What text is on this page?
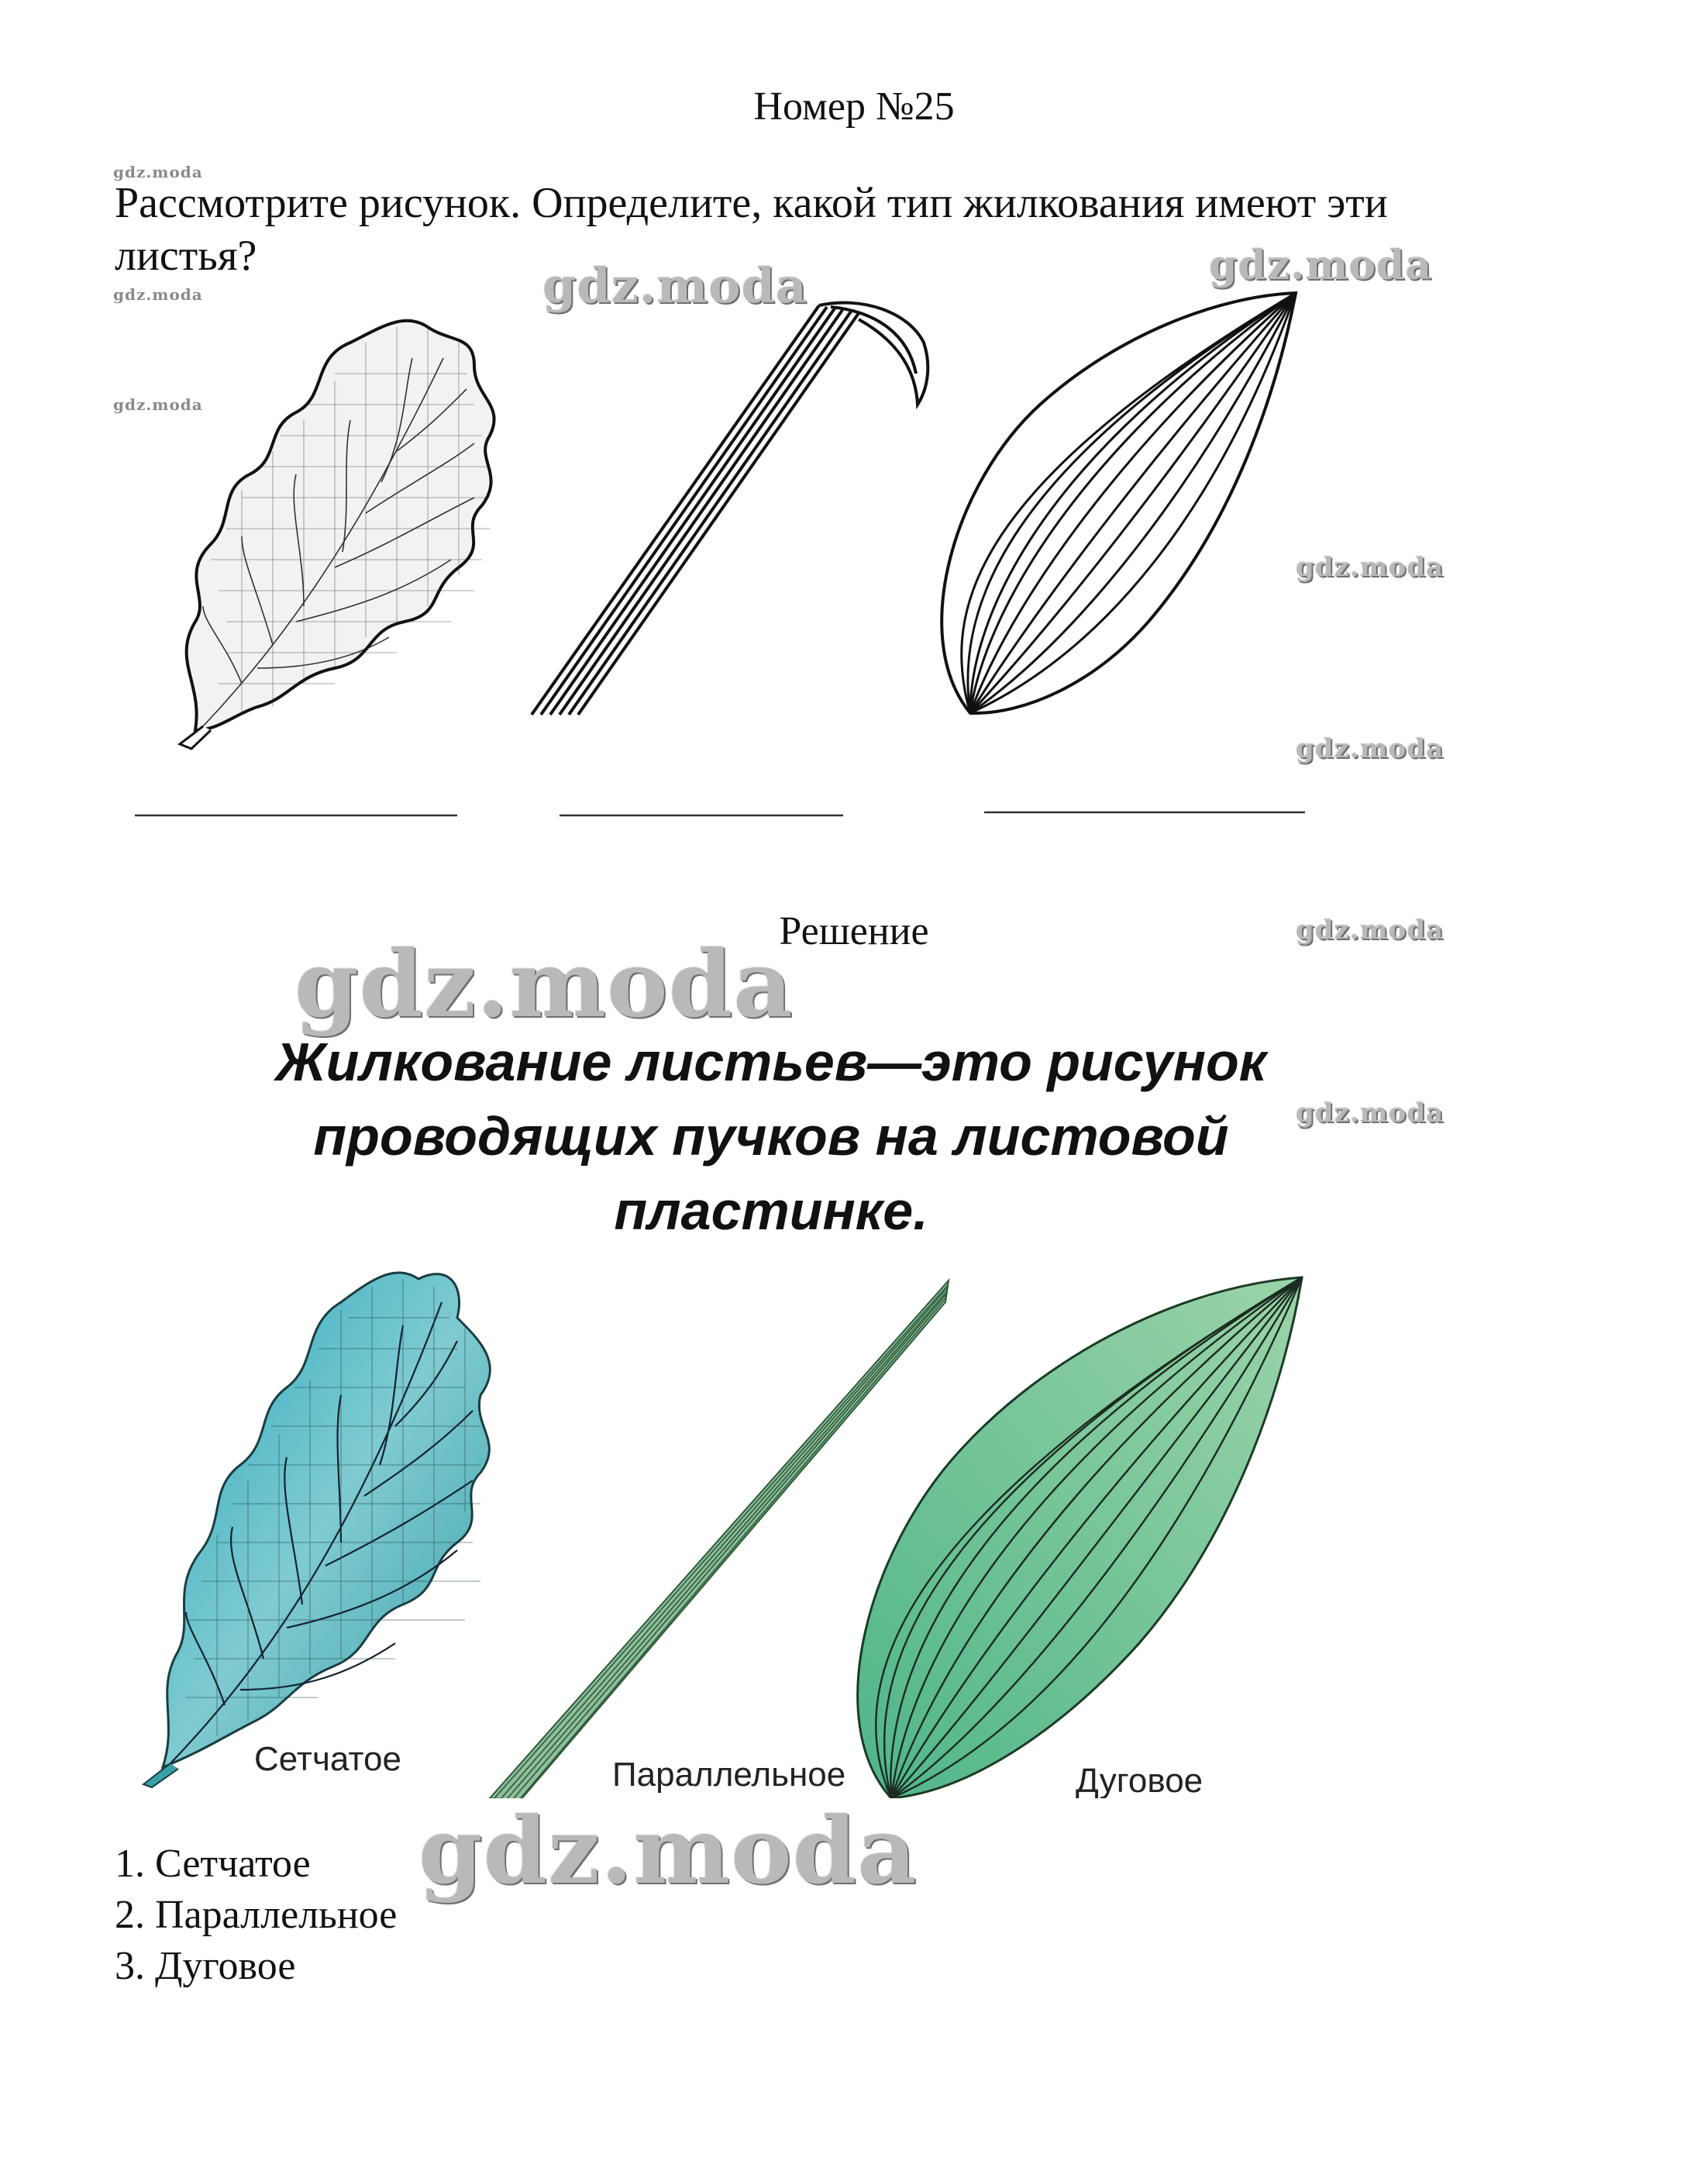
Номер №25
gdz.moda
gdz.moda
gdz.moda
Рассмотрите рисунок. Определите, какой тип жилкования имеют эти листья?
gdz.moda	gdz.moda
gdz.moda
gdz.moda
Решение	gdz.moda
gdz.moda
Жилкование листьев—это рисунок проводящих пучков на листовой пластинке.
gdz.moda
Сетчатое	Параллельное	Дуговое
gdz.moda
1. Сетчатое
2. Параллельное
3. Дуговое
